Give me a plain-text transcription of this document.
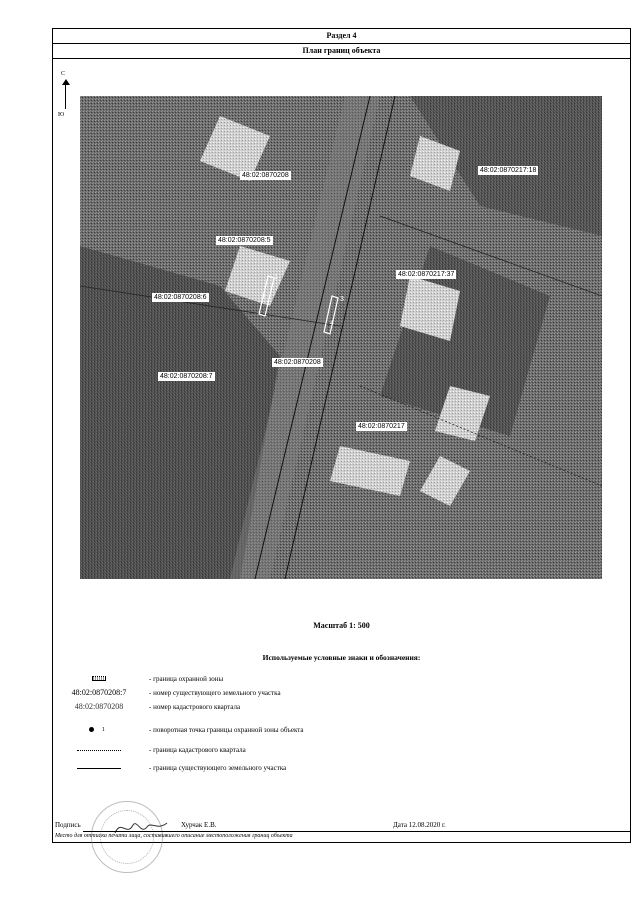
Раздел 4
План границ объекта
С
Ю
48:02:0870208
48:02:0870217:18
48:02:0870208:5
48:02:0870217:37
48:02:0870208:6
48:02:0870208
48:02:0870208:7
48:02:0870217
1
2	3
4
Масштаб 1: 500
Используемые условные знаки и обозначения:
- граница охранной зоны
48:02:0870208:7	- номер существующего земельного участка
48:02:0870208	- номер кадастрового квартала
1	- поворотная точка границы охранной зоны объекта
- граница кадастрового квартала
- граница существующего земельного участка
Подпись	Хурчак Е.В.	Дата 12.08.2020 г.
Место для оттиска печати лица, составившего описание местоположения границ объекта
